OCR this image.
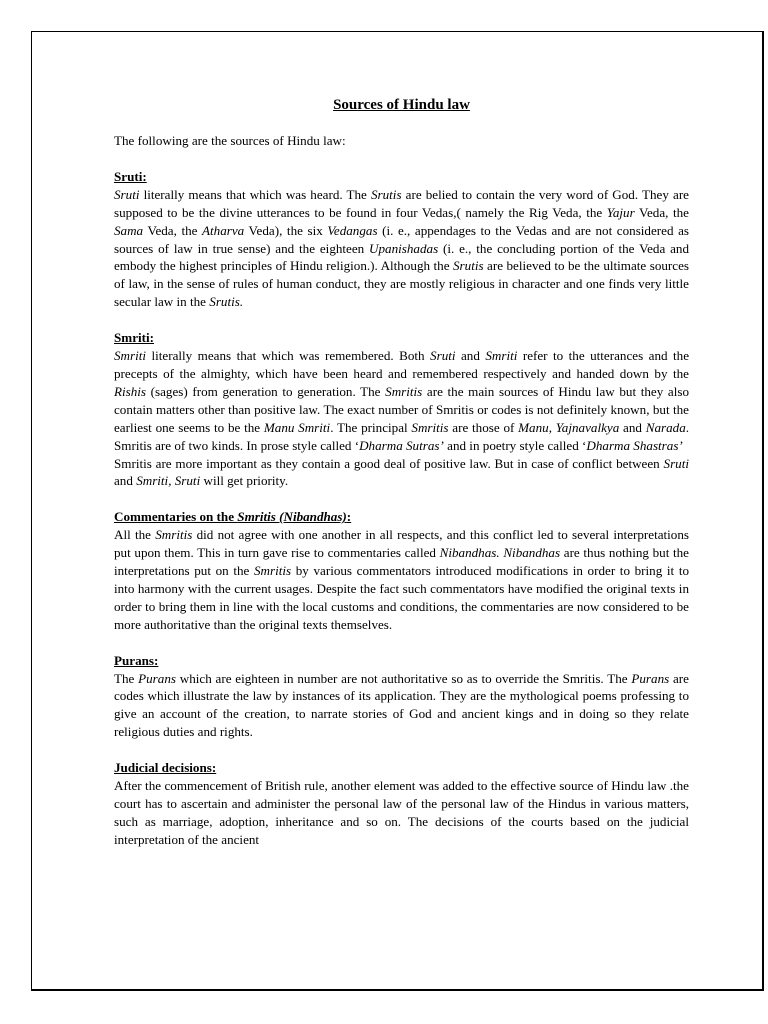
Sources of Hindu law

The following are the sources of Hindu law:

Sruti:

Sruti literally means that which was heard. The Srutis are belied to contain the very word of God. They are supposed to be the divine utterances to be found in four Vedas,( namely the Rig Veda, the Yajur Veda, the Sama Veda, the Atharva Veda), the six Vedangas (i. e., appendages to the Vedas and are not considered as sources of law in true sense) and the eighteen Upanishadas (i. e., the concluding portion of the Veda and embody the highest principles of Hindu religion.). Although the Srutis are believed to be the ultimate sources of law, in the sense of rules of human conduct, they are mostly religious in character and one finds very little secular law in the Srutis.

Smriti:

Smriti literally means that which was remembered. Both Sruti and Smriti refer to the utterances and the precepts of the almighty, which have been heard and remembered respectively and handed down by the Rishis (sages) from generation to generation. The Smritis are the main sources of Hindu law but they also contain matters other than positive law. The exact number of Smritis or codes is not definitely known, but the earliest one seems to be the Manu Smriti. The principal Smritis are those of Manu, Yajnavalkya and Narada. Smritis are of two kinds. In prose style called ‘Dharma Sutras’ and in poetry style called ‘Dharma Shastras’

Smritis are more important as they contain a good deal of positive law. But in case of conflict between Sruti and Smriti, Sruti will get priority.

Commentaries on the Smritis (Nibandhas):

All the Smritis did not agree with one another in all respects, and this conflict led to several interpretations put upon them. This in turn gave rise to commentaries called Nibandhas. Nibandhas are thus nothing but the interpretations put on the Smritis by various commentators introduced modifications in order to bring it to into harmony with the current usages. Despite the fact such commentators have modified the original texts in order to bring them in line with the local customs and conditions, the commentaries are now considered to be more authoritative than the original texts themselves.

Purans:

The Purans which are eighteen in number are not authoritative so as to override the Smritis. The Purans are codes which illustrate the law by instances of its application. They are the mythological poems professing to give an account of the creation, to narrate stories of God and ancient kings and in doing so they relate religious duties and rights.

Judicial decisions:

After the commencement of British rule, another element was added to the effective source of Hindu law .the court has to ascertain and administer the personal law of the personal law of the Hindus in various matters, such as marriage, adoption, inheritance and so on. The decisions of the courts based on the judicial interpretation of the ancient
